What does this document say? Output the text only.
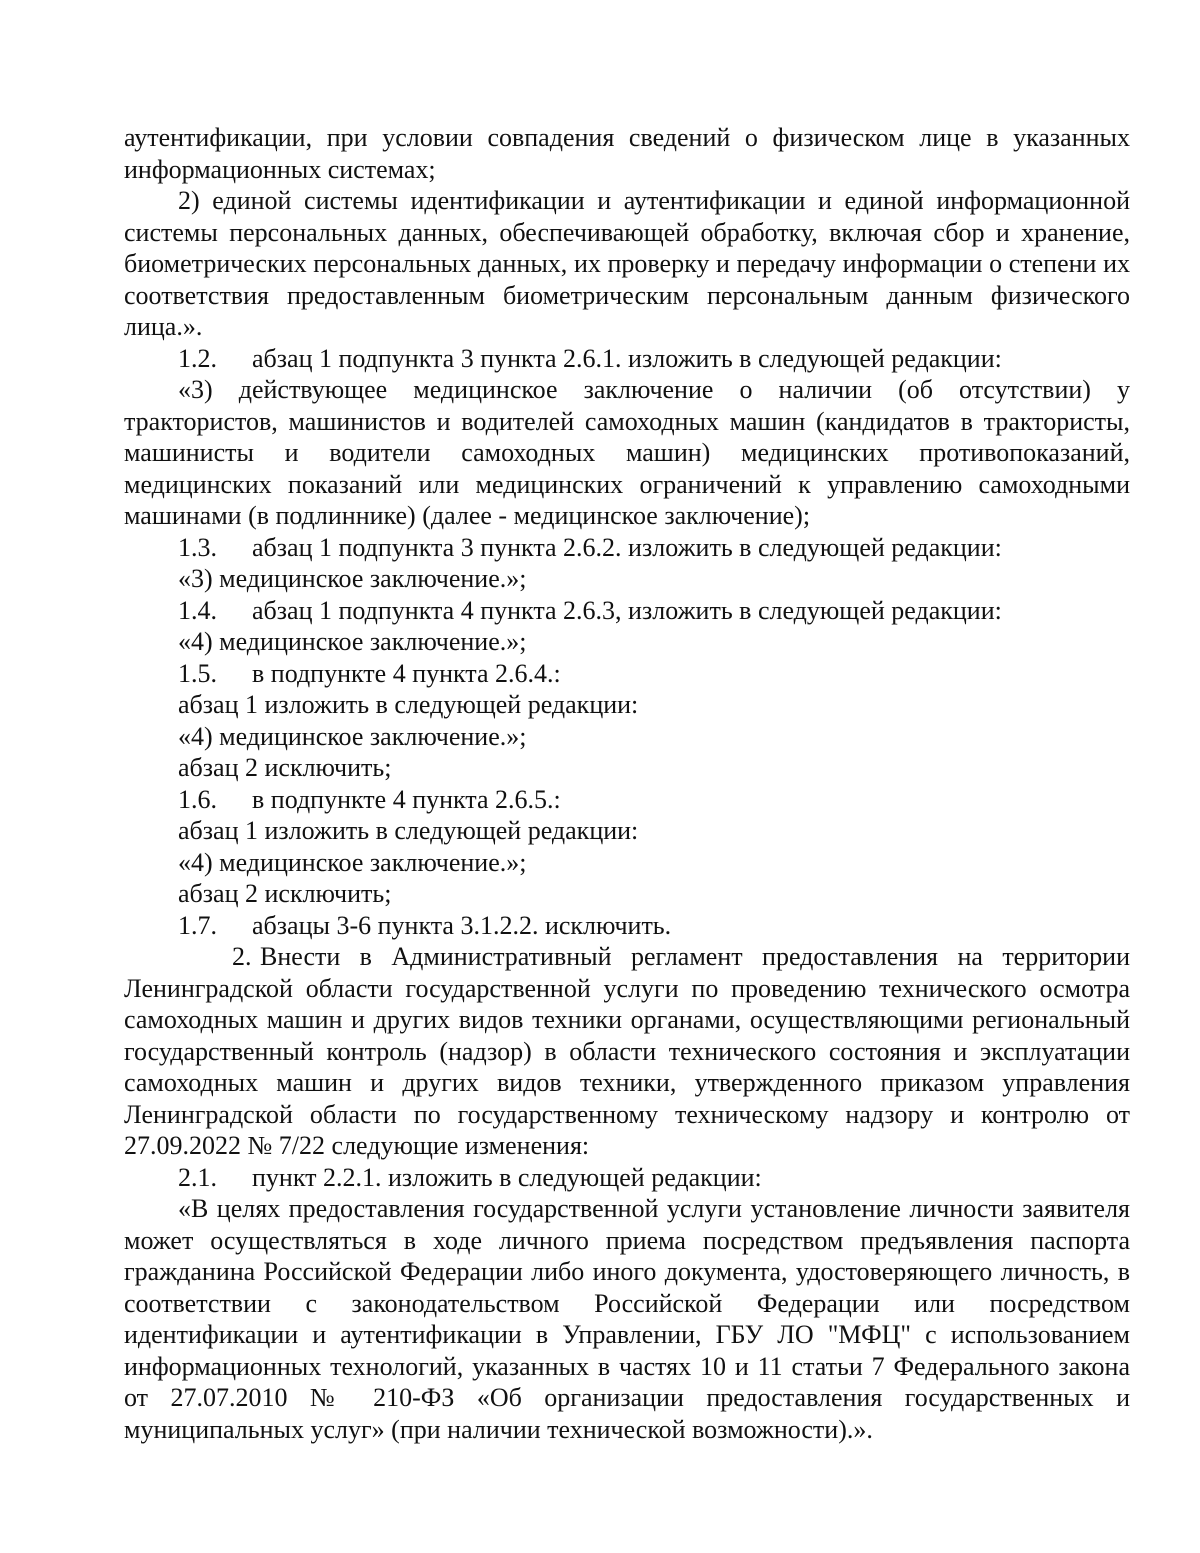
аутентификации, при условии совпадения сведений о физическом лице в указанных информационных системах;

2) единой системы идентификации и аутентификации и единой информационной системы персональных данных, обеспечивающей обработку, включая сбор и хранение, биометрических персональных данных, их проверку и передачу информации о степени их соответствия предоставленным биометрическим персональным данным физического лица.».

1.2. абзац 1 подпункта 3 пункта 2.6.1. изложить в следующей редакции:

«3) действующее медицинское заключение о наличии (об отсутствии) у трактористов, машинистов и водителей самоходных машин (кандидатов в трактористы, машинисты и водители самоходных машин) медицинских противопоказаний, медицинских показаний или медицинских ограничений к управлению самоходными машинами (в подлиннике) (далее - медицинское заключение);

1.3. абзац 1 подпункта 3 пункта 2.6.2. изложить в следующей редакции:

«3) медицинское заключение.»;

1.4. абзац 1 подпункта 4 пункта 2.6.3, изложить в следующей редакции:

«4) медицинское заключение.»;

1.5. в подпункте 4 пункта 2.6.4.:

абзац 1 изложить в следующей редакции:

«4) медицинское заключение.»;

абзац 2 исключить;

1.6. в подпункте 4 пункта 2.6.5.:

абзац 1 изложить в следующей редакции:

«4) медицинское заключение.»;

абзац 2 исключить;

1.7. абзацы 3-6 пункта 3.1.2.2. исключить.

2. Внести в Административный регламент предоставления на территории Ленинградской области государственной услуги по проведению технического осмотра самоходных машин и других видов техники органами, осуществляющими региональный государственный контроль (надзор) в области технического состояния и эксплуатации самоходных машин и других видов техники, утвержденного приказом управления Ленинградской области по государственному техническому надзору и контролю от 27.09.2022 № 7/22 следующие изменения:

2.1. пункт 2.2.1. изложить в следующей редакции:

«В целях предоставления государственной услуги установление личности заявителя может осуществляться в ходе личного приема посредством предъявления паспорта гражданина Российской Федерации либо иного документа, удостоверяющего личность, в соответствии с законодательством Российской Федерации или посредством идентификации и аутентификации в Управлении, ГБУ ЛО "МФЦ" с использованием информационных технологий, указанных в частях 10 и 11 статьи 7 Федерального закона от 27.07.2010 № 210-ФЗ «Об организации предоставления государственных и муниципальных услуг» (при наличии технической возможности).».
